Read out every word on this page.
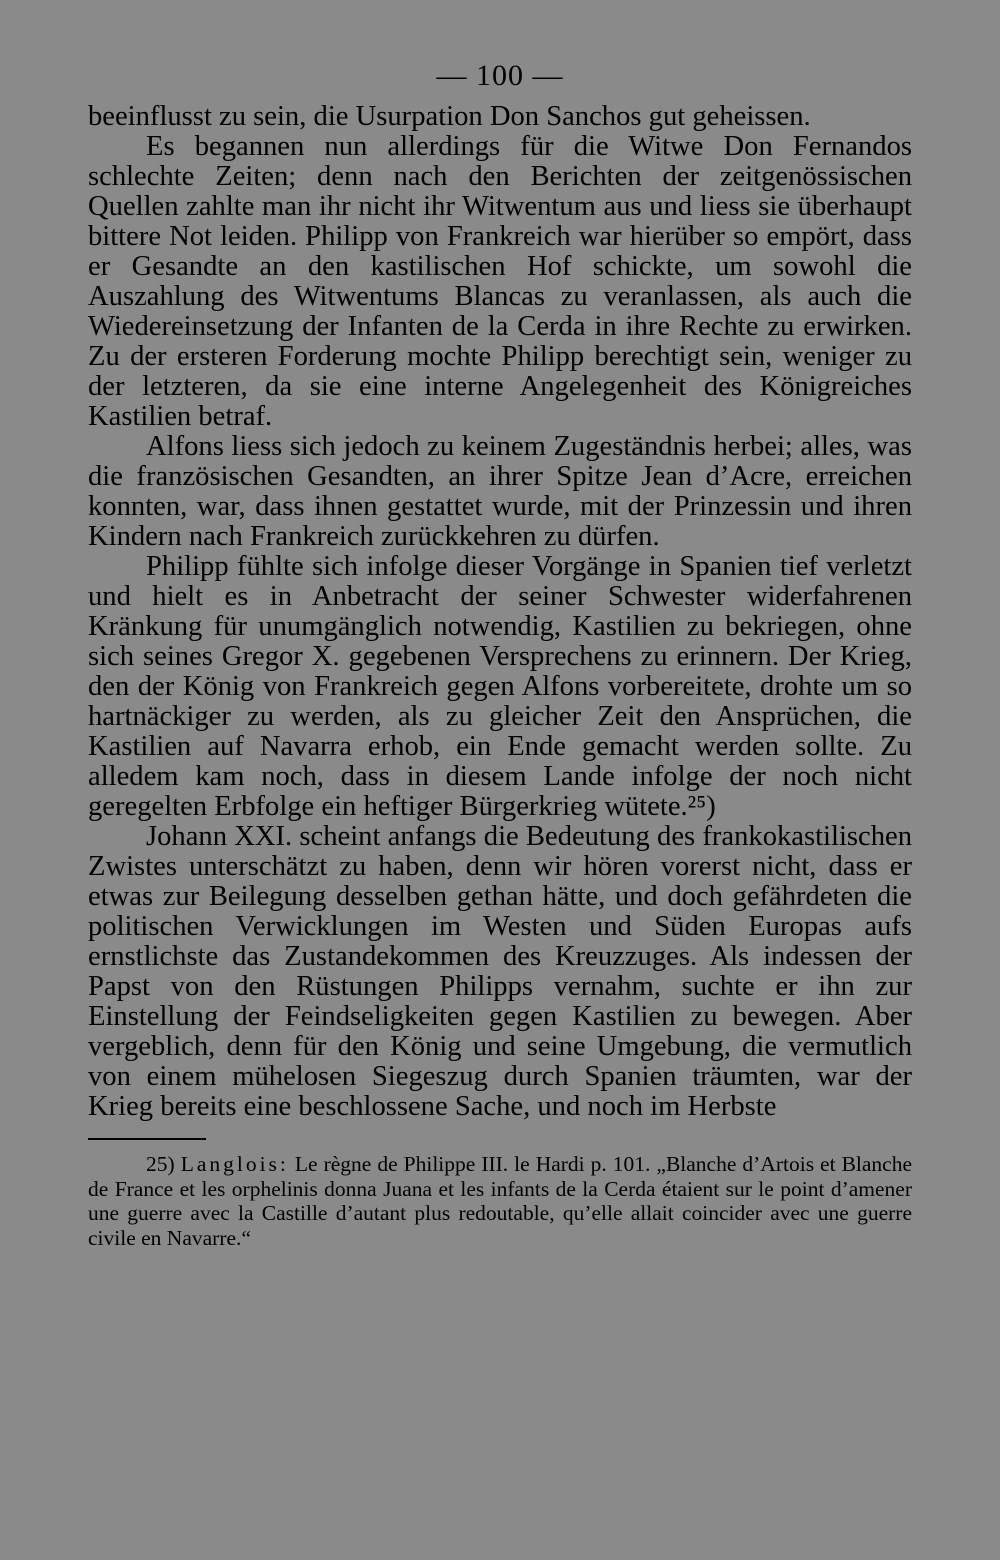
— 100 —

beeinflusst zu sein, die Usurpation Don Sanchos gut geheissen.

Es begannen nun allerdings für die Witwe Don Fernandos schlechte Zeiten; denn nach den Berichten der zeitgenössischen Quellen zahlte man ihr nicht ihr Witwentum aus und liess sie überhaupt bittere Not leiden. Philipp von Frankreich war hierüber so empört, dass er Gesandte an den kastilischen Hof schickte, um sowohl die Auszahlung des Witwentums Blancas zu veranlassen, als auch die Wiedereinsetzung der Infanten de la Cerda in ihre Rechte zu erwirken. Zu der ersteren Forderung mochte Philipp berechtigt sein, weniger zu der letzteren, da sie eine interne Angelegenheit des Königreiches Kastilien betraf.

Alfons liess sich jedoch zu keinem Zugeständnis herbei; alles, was die französischen Gesandten, an ihrer Spitze Jean d’Acre, erreichen konnten, war, dass ihnen gestattet wurde, mit der Prinzessin und ihren Kindern nach Frankreich zurückkehren zu dürfen.

Philipp fühlte sich infolge dieser Vorgänge in Spanien tief verletzt und hielt es in Anbetracht der seiner Schwester widerfahrenen Kränkung für unumgänglich notwendig, Kastilien zu bekriegen, ohne sich seines Gregor X. gegebenen Versprechens zu erinnern. Der Krieg, den der König von Frankreich gegen Alfons vorbereitete, drohte um so hartnäckiger zu werden, als zu gleicher Zeit den Ansprüchen, die Kastilien auf Navarra erhob, ein Ende gemacht werden sollte. Zu alledem kam noch, dass in diesem Lande infolge der noch nicht geregelten Erbfolge ein heftiger Bürgerkrieg wütete.²⁵)

Johann XXI. scheint anfangs die Bedeutung des frankokastilischen Zwistes unterschätzt zu haben, denn wir hören vorerst nicht, dass er etwas zur Beilegung desselben gethan hätte, und doch gefährdeten die politischen Verwicklungen im Westen und Süden Europas aufs ernstlichste das Zustandekommen des Kreuzzuges. Als indessen der Papst von den Rüstungen Philipps vernahm, suchte er ihn zur Einstellung der Feindseligkeiten gegen Kastilien zu bewegen. Aber vergeblich, denn für den König und seine Umgebung, die vermutlich von einem mühelosen Siegeszug durch Spanien träumten, war der Krieg bereits eine beschlossene Sache, und noch im Herbste

25) Langlois: Le règne de Philippe III. le Hardi p. 101. „Blanche d’Artois et Blanche de France et les orphelinis donna Juana et les infants de la Cerda étaient sur le point d’amener une guerre avec la Castille d’autant plus redoutable, qu’elle allait coincider avec une guerre civile en Navarre.“
